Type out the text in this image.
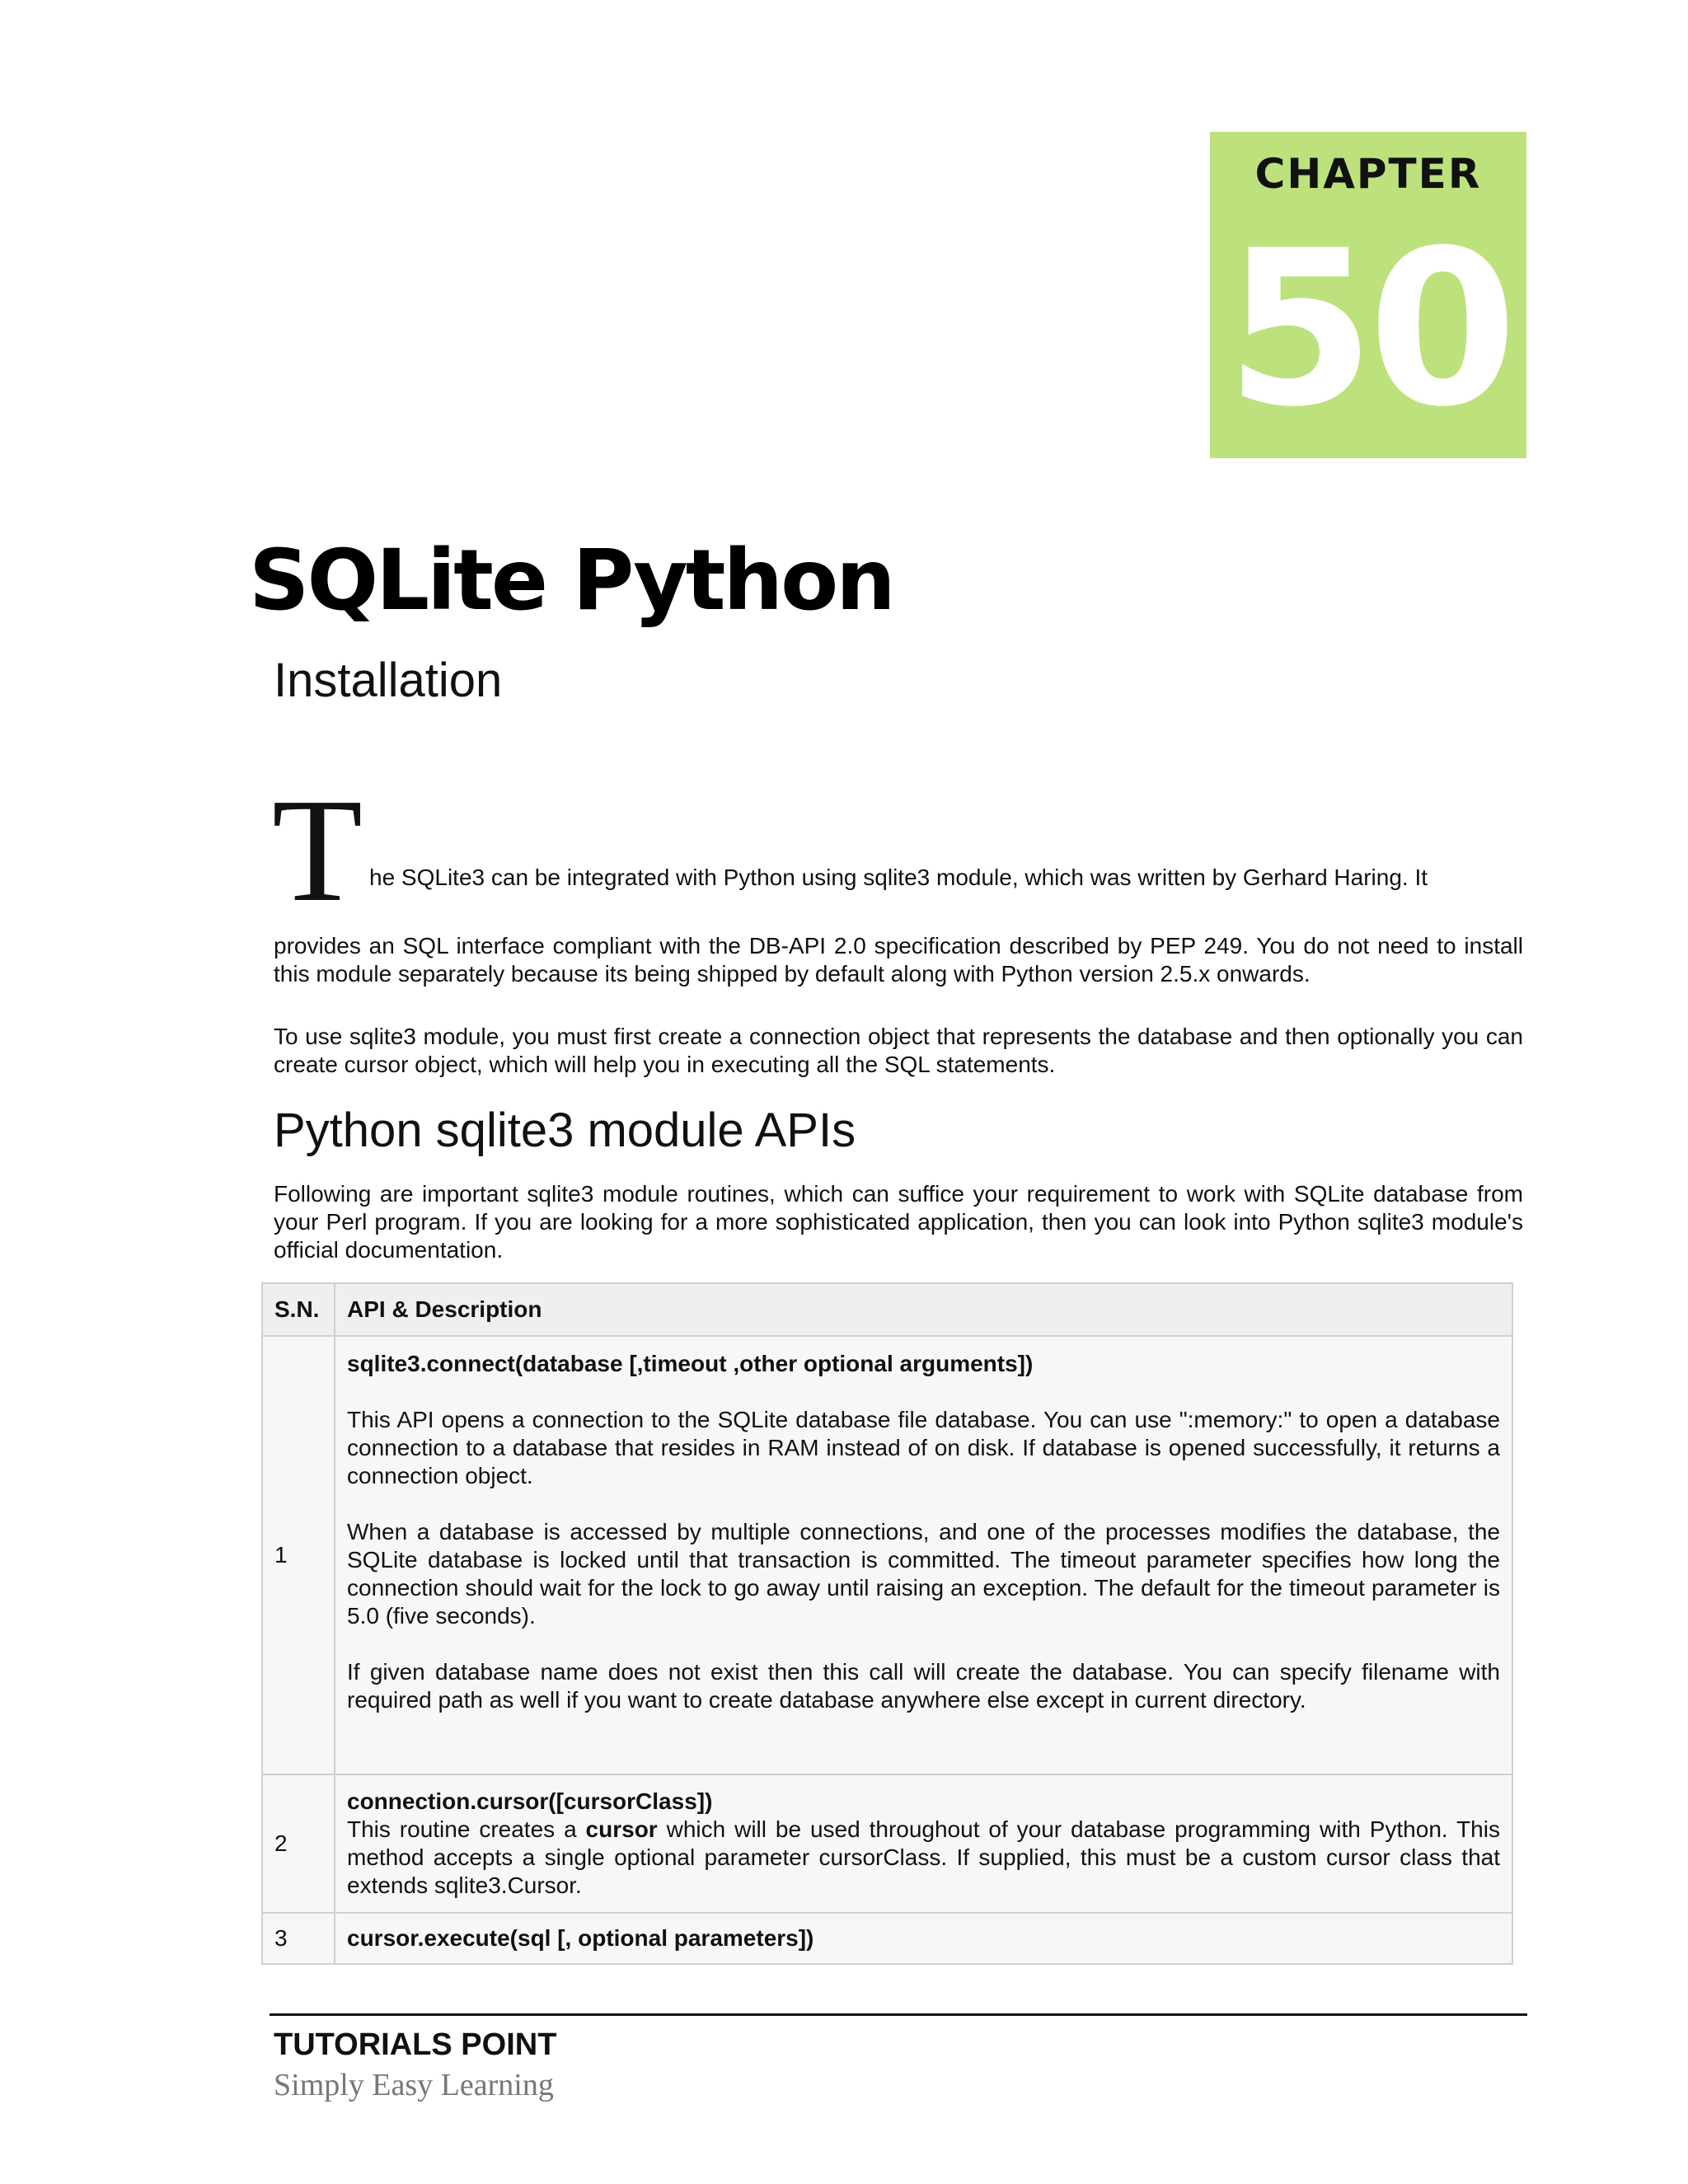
CHAPTER
50
SQLite Python
Installation
T he SQLite3 can be integrated with Python using sqlite3 module, which was written by Gerhard Haring. It
provides an SQL interface compliant with the DB-API 2.0 specification described by PEP 249. You do not need to install this module separately because its being shipped by default along with Python version 2.5.x onwards.
To use sqlite3 module, you must first create a connection object that represents the database and then optionally you can create cursor object, which will help you in executing all the SQL statements.
Python sqlite3 module APIs
Following are important sqlite3 module routines, which can suffice your requirement to work with SQLite database from your Perl program. If you are looking for a more sophisticated application, then you can look into Python sqlite3 module's official documentation.
S.N.	API & Description
1	sqlite3.connect(database [,timeout ,other optional arguments])

This API opens a connection to the SQLite database file database. You can use ":memory:" to open a database connection to a database that resides in RAM instead of on disk. If database is opened successfully, it returns a connection object.

When a database is accessed by multiple connections, and one of the processes modifies the database, the SQLite database is locked until that transaction is committed. The timeout parameter specifies how long the connection should wait for the lock to go away until raising an exception. The default for the timeout parameter is 5.0 (five seconds).

If given database name does not exist then this call will create the database. You can specify filename with required path as well if you want to create database anywhere else except in current directory.

2	connection.cursor([cursorClass])

This routine creates a cursor which will be used throughout of your database programming with Python. This method accepts a single optional parameter cursorClass. If supplied, this must be a custom cursor class that extends sqlite3.Cursor.

3	cursor.execute(sql [, optional parameters])

TUTORIALS POINT
Simply Easy Learning
